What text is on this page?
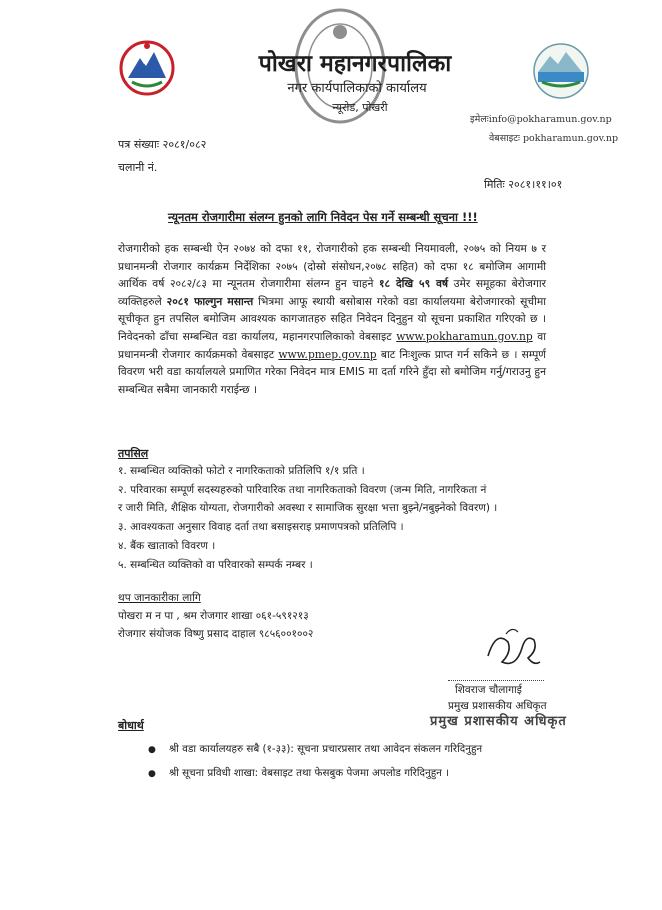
पोखरा महानगरपालिका
नगर कार्यपालिकाको कार्यालय
न्यूरोड, पोखरी
इमेलःinfo@pokharamun.gov.np
वेबसाइटः pokharamun.gov.np
पत्र संख्याः २०८१/०८२
चलानी नं.
मितिः २०८१।११।०१
न्यूनतम रोजगारीमा संलग्न हुनको लागि निवेदन पेस गर्ने सम्बन्धी सूचना !!!
रोजगारीको हक सम्बन्धी ऐन २०७४ को दफा ११, रोजगारीको हक सम्बन्धी नियमावली, २०७५ को नियम ७ र प्रधानमन्त्री रोजगार कार्यक्रम निर्देशिका २०७५ (दोस्रो संसोधन,२०७८ सहित) को दफा १८ बमोजिम आगामी आर्थिक वर्ष २०८२/८३ मा न्यूनतम रोजगारीमा संलग्न हुन चाहने १८ देखि ५९ वर्ष उमेर समूहका बेरोजगार व्यक्तिहरुले २०८१ फाल्गुन मसान्त भित्रमा आफू स्थायी बसोबास गरेको वडा कार्यालयमा बेरोजगारको सूचीमा सूचीकृत हुन तपसिल बमोजिम आवश्यक कागजातहरु सहित निवेदन दिनुहुन यो सूचना प्रकाशित गरिएको छ । निवेदनको ढाँचा सम्बन्धित वडा कार्यालय, महानगरपालिकाको वेबसाइट www.pokharamun.gov.np वा प्रधानमन्त्री रोजगार कार्यक्रमको वेबसाइट www.pmep.gov.np बाट निःशुल्क प्राप्त गर्न सकिने छ । सम्पूर्ण विवरण भरी वडा कार्यालयले प्रमाणित गरेका निवेदन मात्र EMIS मा दर्ता गरिने हुँदा सो बमोजिम गर्नु/गराउनु हुन सम्बन्धित सबैमा जानकारी गराईन्छ ।
तपसिल
१. सम्बन्धित व्यक्तिको फोटो र नागरिकताको प्रतिलिपि १/१ प्रति ।
२. परिवारका सम्पूर्ण सदस्यहरुको पारिवारिक तथा नागरिकताको विवरण (जन्म मिति, नागरिकता नं
र जारी मिति, शैक्षिक योग्यता, रोजगारीको अवस्था र सामाजिक सुरक्षा भत्ता बुझ्ने/नबुझ्नेको विवरण) ।
३. आवश्यकता अनुसार विवाह दर्ता तथा बसाइसराइ प्रमाणपत्रको प्रतिलिपि ।
४. बैंक खाताको विवरण ।
५. सम्बन्धित व्यक्तिको वा परिवारको सम्पर्क नम्बर ।
थप जानकारीका लागि
पोखरा म न पा , श्रम रोजगार शाखा ०६१-५९१२१३
रोजगार संयोजक विष्णु प्रसाद दाहाल ९८५६००१००२
शिवराज चौलागाई
प्रमुख प्रशासकीय अधिकृत
प्रमुख प्रशासकीय अधिकृत
बोधार्थ
● श्री वडा कार्यालयहरु सबै (१-३३): सूचना प्रचारप्रसार तथा आवेदन संकलन गरिदिनुहुन
● श्री सूचना प्रविधी शाखा: वेबसाइट तथा फेसबुक पेजमा अपलोड गरिदिनुहुन ।
